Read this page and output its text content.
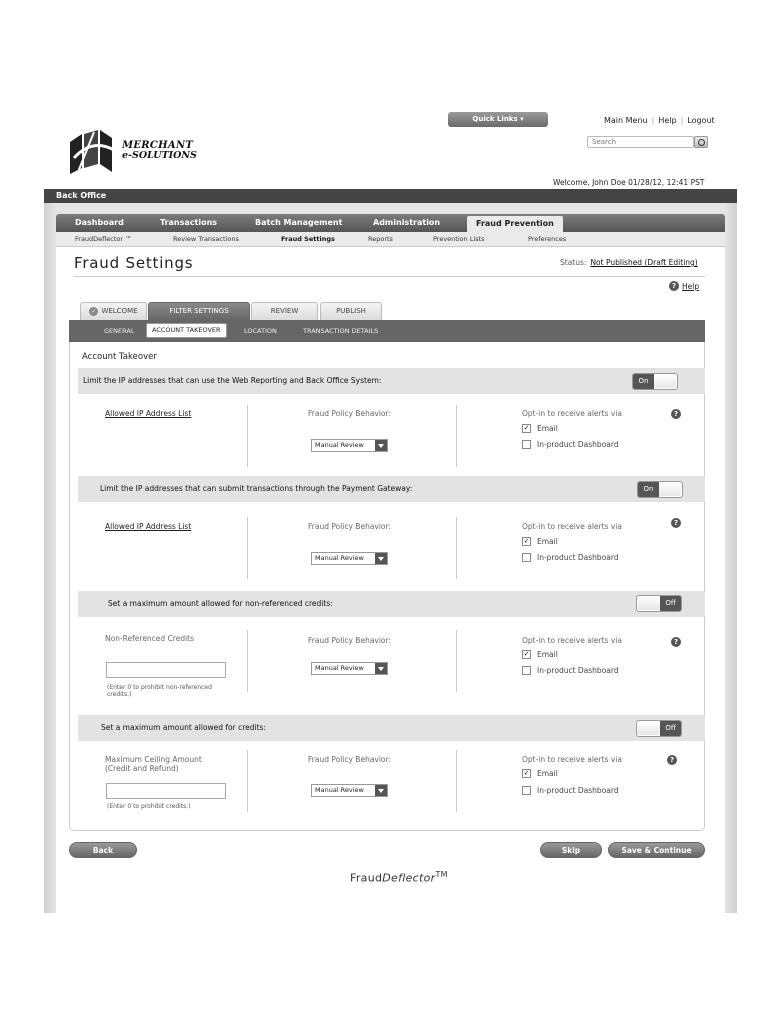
Quick Links ▾	Main Menu | Help | Logout
Search
MERCHANT
e-SOLUTIONS
Welcome, John Doe 01/28/12, 12:41 PST
Back Office
Dashboard	Transactions	Batch Management	Administration	Fraud Prevention
FraudDeflector ™	Review Transactions	Fraud Settings	Reports	Prevention Lists	Preferences
Fraud Settings	Status: Not Published (Draft Editing)
? Help
✓ WELCOME	FILTER SETTINGS	REVIEW	PUBLISH
GENERAL	ACCOUNT TAKEOVER	LOCATION	TRANSACTION DETAILS
Account Takeover
Limit the IP addresses that can use the Web Reporting and Back Office System:	On
Allowed IP Address List	Fraud Policy Behavior:
Manual Review
Opt-in to receive alerts via	?
✓ Email
In-product Dashboard
Limit the IP addresses that can submit transactions through the Payment Gateway:	On
Allowed IP Address List	Fraud Policy Behavior:
Manual Review
Opt-in to receive alerts via	?
✓ Email
In-product Dashboard
Set a maximum amount allowed for non-referenced credits:	Off
Non-Referenced Credits
(Enter 0 to prohibit non-referenced credits.)
Fraud Policy Behavior:
Manual Review
Opt-in to receive alerts via	?
✓ Email
In-product Dashboard
Set a maximum amount allowed for credits:	Off
Maximum Ceiling Amount (Credit and Refund)
(Enter 0 to prohibit credits.)
Fraud Policy Behavior:
Manual Review
Opt-in to receive alerts via	?
✓ Email
In-product Dashboard
Back	Skip	Save & Continue
FraudDeflector™
